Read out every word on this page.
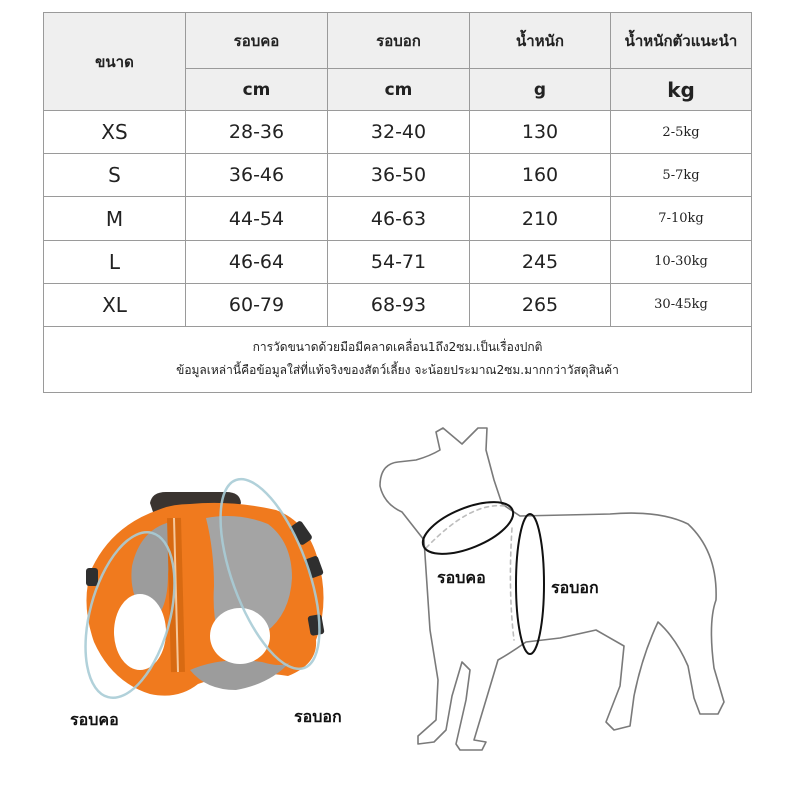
ขนาด	รอบคอ	รอบอก	น้ำหนัก	น้ำหนักตัวแนะนำ
	cm	cm	g	kg
XS	28-36	32-40	130	2-5kg
S	36-46	36-50	160	5-7kg
M	44-54	46-63	210	7-10kg
L	46-64	54-71	245	10-30kg
XL	60-79	68-93	265	30-45kg

การวัดขนาดด้วยมือมีคลาดเคลื่อน1ถึง2ซม.เป็นเรื่องปกติ
ข้อมูลเหล่านี้คือข้อมูลใส่ที่แท้จริงของสัตว์เลี้ยง จะน้อยประมาณ2ซม.มากกว่าวัสดุสินค้า				
รอบคอ	รอบอก
รอบคอ
รอบอก
